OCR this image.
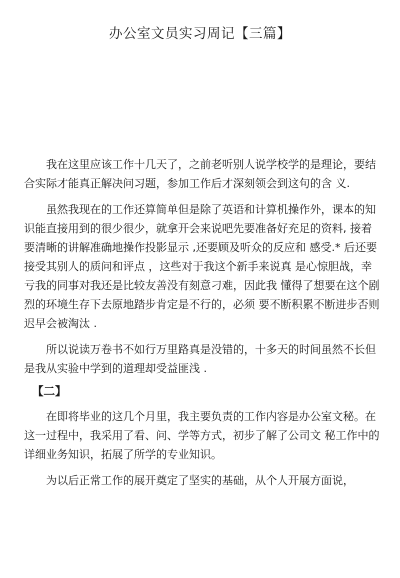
办公室文员实习周记【三篇】

我在这里应该工作十几天了，之前老听别人说学校学的是理论，要结合实际才能真正解决问习题，参加工作后才深刻领会到这句的含 义.

虽然我现在的工作还算简单但是除了英语和计算机操作外，课本的知识能直接用到的很少很少，就拿开会来说吧先要准备好充足的资料, 接着要清晰的讲解准确地操作投影显示 ,还要顾及听众的反应和 感受.* 后还要接受其别人的质问和评点 ，这些对于我这个新手来说真 是心惊胆战，幸亏我的同事对我还是比较友善没有刻意刁难，因此我 懂得了想要在这个剧烈的环境生存下去原地踏步肯定是不行的，必须 要不断积累不断进步否则迟早会被淘汰 .

所以说读万卷书不如行万里路真是没错的，十多天的时间虽然不长但是我从实验中学到的道理却受益匪浅 .

【二】

在即将毕业的这几个月里，我主要负责的工作内容是办公室文秘。在这一过程中，我采用了看、问、学等方式，初步了解了公司文 秘工作中的详细业务知识，拓展了所学的专业知识。

为以后正常工作的展开奠定了坚实的基础，从个人开展方面说，
